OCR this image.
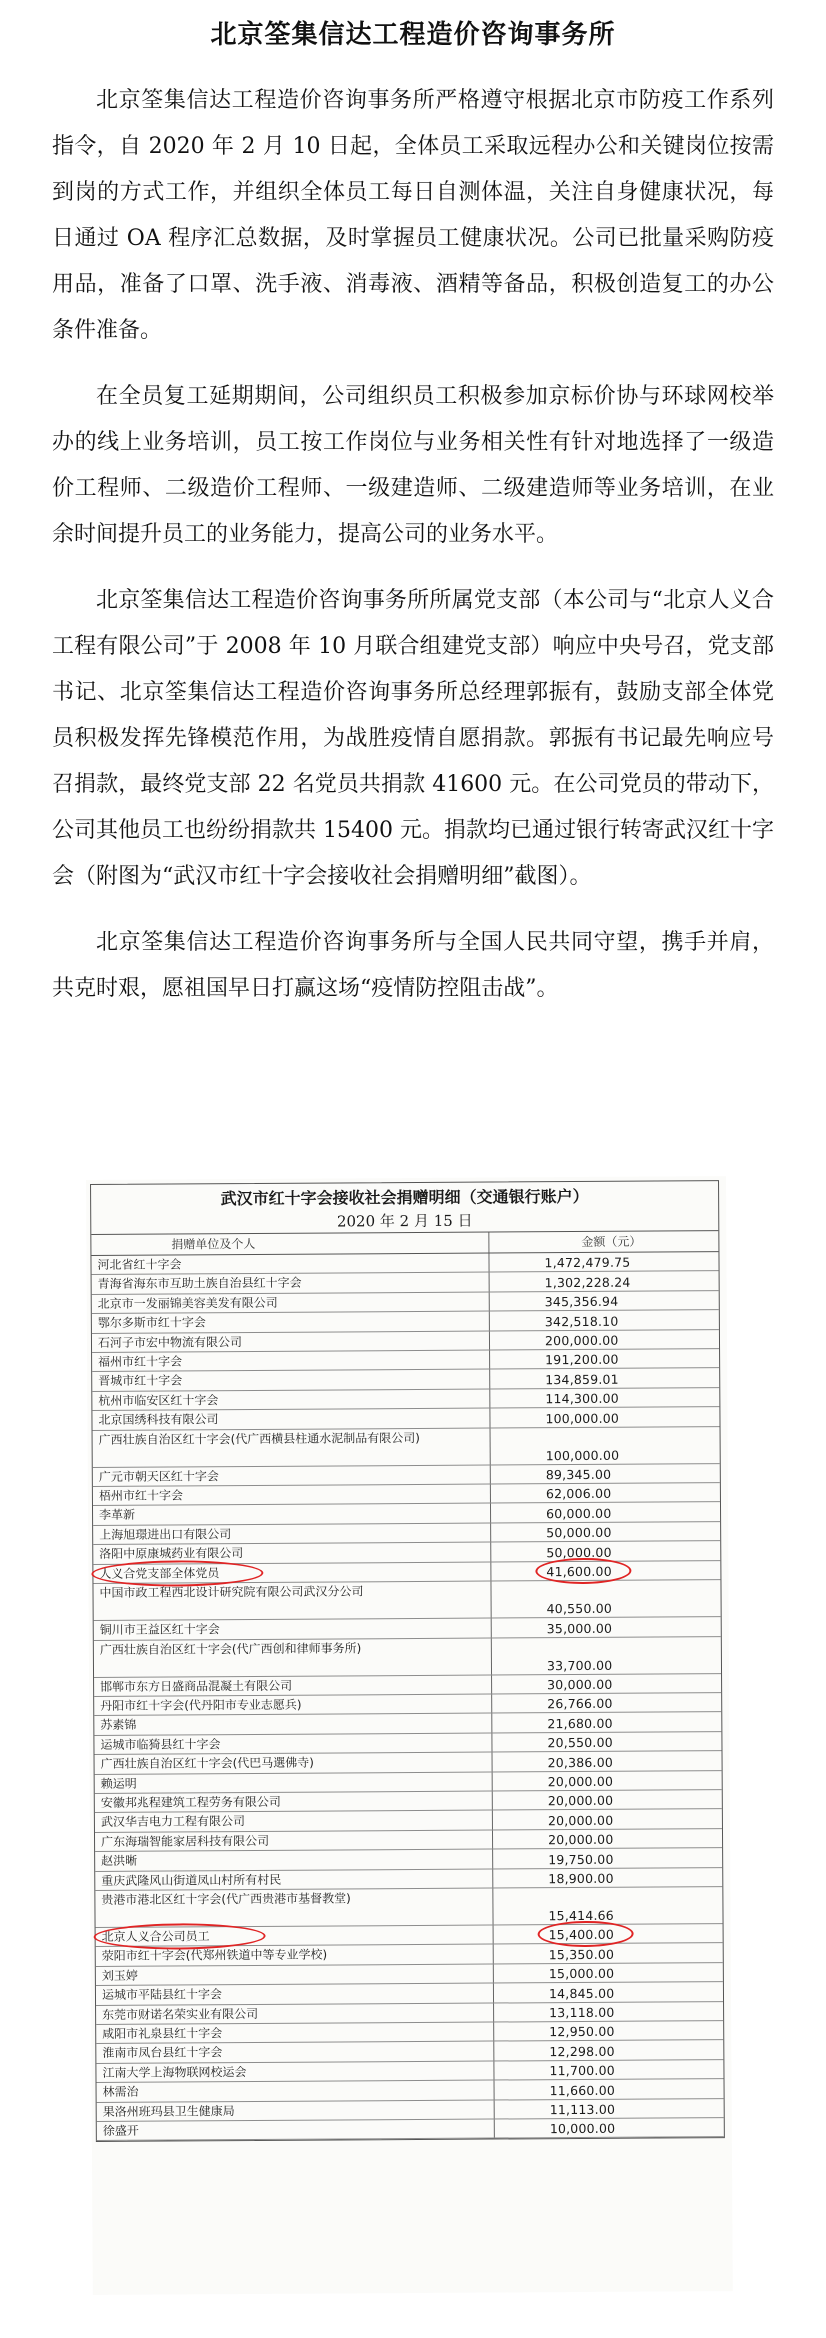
北京筌集信达工程造价咨询事务所

北京筌集信达工程造价咨询事务所严格遵守根据北京市防疫工作系列指令，自 2020 年 2 月 10 日起，全体员工采取远程办公和关键岗位按需到岗的方式工作，并组织全体员工每日自测体温，关注自身健康状况，每日通过 OA 程序汇总数据，及时掌握员工健康状况。公司已批量采购防疫用品，准备了口罩、洗手液、消毒液、酒精等备品，积极创造复工的办公条件准备。

在全员复工延期期间，公司组织员工积极参加京标价协与环球网校举办的线上业务培训，员工按工作岗位与业务相关性有针对地选择了一级造价工程师、二级造价工程师、一级建造师、二级建造师等业务培训，在业余时间提升员工的业务能力，提高公司的业务水平。

北京筌集信达工程造价咨询事务所所属党支部（本公司与“北京人义合工程有限公司”于 2008 年 10 月联合组建党支部）响应中央号召，党支部书记、北京筌集信达工程造价咨询事务所总经理郭振有，鼓励支部全体党员积极发挥先锋模范作用，为战胜疫情自愿捐款。郭振有书记最先响应号召捐款，最终党支部 22 名党员共捐款 41600 元。在公司党员的带动下，公司其他员工也纷纷捐款共 15400 元。捐款均已通过银行转寄武汉红十字会（附图为“武汉市红十字会接收社会捐赠明细”截图）。

北京筌集信达工程造价咨询事务所与全国人民共同守望，携手并肩，共克时艰，愿祖国早日打赢这场“疫情防控阻击战”。

武汉市红十字会接收社会捐赠明细（交通银行账户）
2020 年 2 月 15 日
捐赠单位及个人	金额（元）
河北省红十字会	1,472,479.75
青海省海东市互助土族自治县红十字会	1,302,228.24
北京市一发丽锦美容美发有限公司	345,356.94
鄂尔多斯市红十字会	342,518.10
石河子市宏中物流有限公司	200,000.00
福州市红十字会	191,200.00
晋城市红十字会	134,859.01
杭州市临安区红十字会	114,300.00
北京国绣科技有限公司	100,000.00
广西壮族自治区红十字会(代广西横县柱通水泥制品有限公司)
100,000.00
广元市朝天区红十字会	89,345.00
梧州市红十字会	62,006.00
李革新	60,000.00
上海旭璟进出口有限公司	50,000.00
洛阳中原康城药业有限公司	50,000.00
人义合党支部全体党员	41,600.00
中国市政工程西北设计研究院有限公司武汉分公司
40,550.00
铜川市王益区红十字会	35,000.00
广西壮族自治区红十字会(代广西创和律师事务所)
33,700.00
邯郸市东方日盛商品混凝土有限公司	30,000.00
丹阳市红十字会(代丹阳市专业志愿兵)	26,766.00
苏素锦	21,680.00
运城市临猗县红十字会	20,550.00
广西壮族自治区红十字会(代巴马選佛寺)	20,386.00
赖运明	20,000.00
安徽邦兆程建筑工程劳务有限公司	20,000.00
武汉华吉电力工程有限公司	20,000.00
广东海瑞智能家居科技有限公司	20,000.00
赵洪晰	19,750.00
重庆武隆风山街道凤山村所有村民	18,900.00
贵港市港北区红十字会(代广西贵港市基督教堂)
15,414.66
北京人义合公司员工	15,400.00
荥阳市红十字会(代郑州铁道中等专业学校)	15,350.00
刘玉婷	15,000.00
运城市平陆县红十字会	14,845.00
东莞市财诺名荣实业有限公司	13,118.00
咸阳市礼泉县红十字会	12,950.00
淮南市凤台县红十字会	12,298.00
江南大学上海物联网校运会	11,700.00
林需治	11,660.00
果洛州班玛县卫生健康局	11,113.00
徐盛开	10,000.00
